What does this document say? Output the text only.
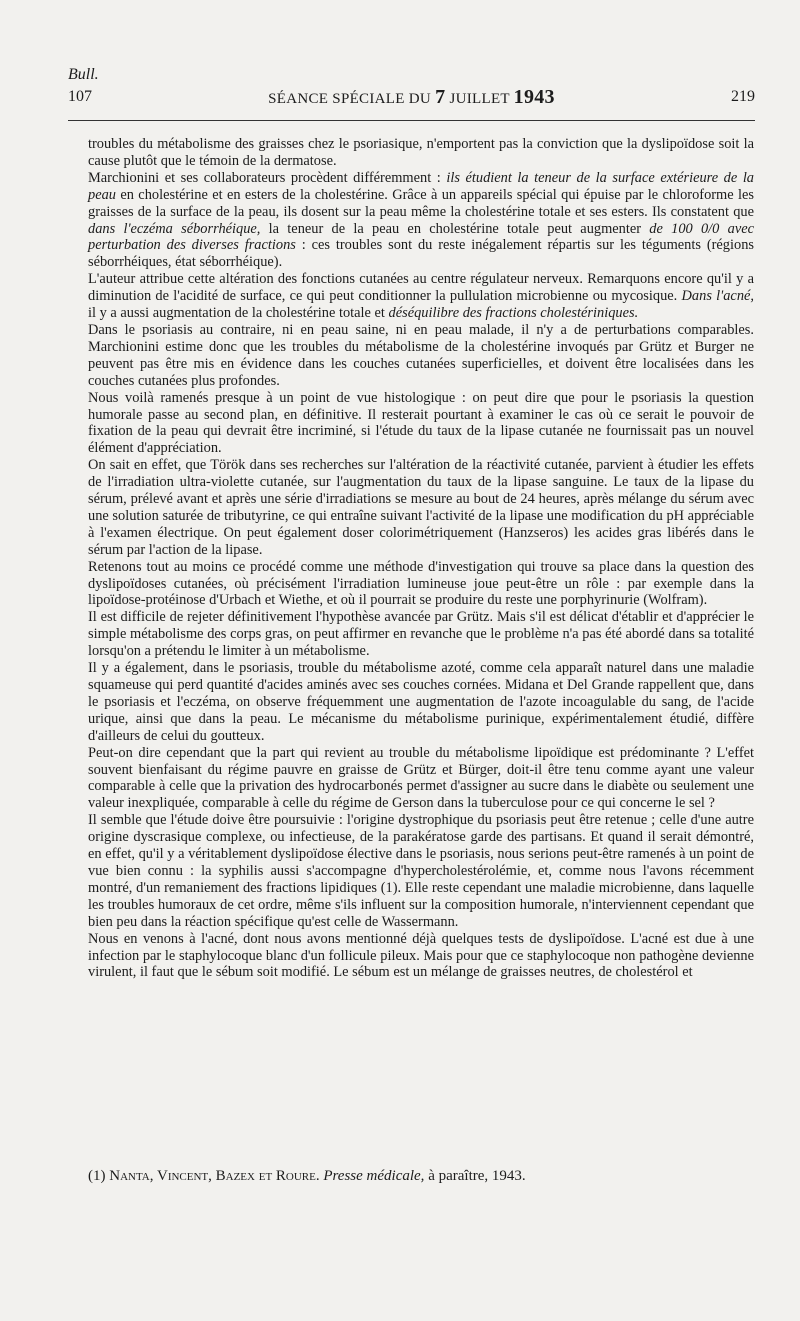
Bull.
107	SÉANCE SPÉCIALE DU 7 JUILLET 1943	219

troubles du métabolisme des graisses chez le psoriasique, n'emportent pas la conviction que la dyslipoïdose soit la cause plutôt que le témoin de la dermatose.

Marchionini et ses collaborateurs procèdent différemment : ils étudient la teneur de la surface extérieure de la peau en cholestérine et en esters de la cholestérine. Grâce à un appareils spécial qui épuise par le chloroforme les graisses de la surface de la peau, ils dosent sur la peau même la cholestérine totale et ses esters. Ils constatent que dans l'eczéma séborrhéique, la teneur de la peau en cholestérine totale peut augmenter de 100 0/0 avec perturbation des diverses fractions : ces troubles sont du reste inégalement répartis sur les téguments (régions séborrhéiques, état séborrhéique).

L'auteur attribue cette altération des fonctions cutanées au centre régulateur nerveux. Remarquons encore qu'il y a diminution de l'acidité de surface, ce qui peut conditionner la pullulation microbienne ou mycosique. Dans l'acné, il y a aussi augmentation de la cholestérine totale et déséquilibre des fractions cholestériniques.

Dans le psoriasis au contraire, ni en peau saine, ni en peau malade, il n'y a de perturbations comparables. Marchionini estime donc que les troubles du métabolisme de la cholestérine invoqués par Grütz et Burger ne peuvent pas être mis en évidence dans les couches cutanées superficielles, et doivent être localisées dans les couches cutanées plus profondes.

Nous voilà ramenés presque à un point de vue histologique : on peut dire que pour le psoriasis la question humorale passe au second plan, en définitive. Il resterait pourtant à examiner le cas où ce serait le pouvoir de fixation de la peau qui devrait être incriminé, si l'étude du taux de la lipase cutanée ne fournissait pas un nouvel élément d'appréciation.

On sait en effet, que Török dans ses recherches sur l'altération de la réactivité cutanée, parvient à étudier les effets de l'irradiation ultra-violette cutanée, sur l'augmentation du taux de la lipase sanguine. Le taux de la lipase du sérum, prélevé avant et après une série d'irradiations se mesure au bout de 24 heures, après mélange du sérum avec une solution saturée de tributyrine, ce qui entraîne suivant l'activité de la lipase une modification du pH appréciable à l'examen électrique. On peut également doser colorimétriquement (Hanzseros) les acides gras libérés dans le sérum par l'action de la lipase.

Retenons tout au moins ce procédé comme une méthode d'investigation qui trouve sa place dans la question des dyslipoïdoses cutanées, où précisément l'irradiation lumineuse joue peut-être un rôle : par exemple dans la lipoïdose-protéinose d'Urbach et Wiethe, et où il pourrait se produire du reste une porphyrinurie (Wolfram).

Il est difficile de rejeter définitivement l'hypothèse avancée par Grütz. Mais s'il est délicat d'établir et d'apprécier le simple métabolisme des corps gras, on peut affirmer en revanche que le problème n'a pas été abordé dans sa totalité lorsqu'on a prétendu le limiter à un métabolisme.

Il y a également, dans le psoriasis, trouble du métabolisme azoté, comme cela apparaît naturel dans une maladie squameuse qui perd quantité d'acides aminés avec ses couches cornées. Midana et Del Grande rappellent que, dans le psoriasis et l'eczéma, on observe fréquemment une augmentation de l'azote incoagulable du sang, de l'acide urique, ainsi que dans la peau. Le mécanisme du métabolisme purinique, expérimentalement étudié, diffère d'ailleurs de celui du goutteux.

Peut-on dire cependant que la part qui revient au trouble du métabolisme lipoïdique est prédominante ? L'effet souvent bienfaisant du régime pauvre en graisse de Grütz et Bürger, doit-il être tenu comme ayant une valeur comparable à celle que la privation des hydrocarbonés permet d'assigner au sucre dans le diabète ou seulement une valeur inexpliquée, comparable à celle du régime de Gerson dans la tuberculose pour ce qui concerne le sel ?

Il semble que l'étude doive être poursuivie : l'origine dystrophique du psoriasis peut être retenue ; celle d'une autre origine dyscrasique complexe, ou infectieuse, de la parakératose garde des partisans. Et quand il serait démontré, en effet, qu'il y a véritablement dyslipoïdose élective dans le psoriasis, nous serions peut-être ramenés à un point de vue bien connu : la syphilis aussi s'accompagne d'hypercholestérolémie, et, comme nous l'avons récemment montré, d'un remaniement des fractions lipidiques (1). Elle reste cependant une maladie microbienne, dans laquelle les troubles humoraux de cet ordre, même s'ils influent sur la composition humorale, n'interviennent cependant que bien peu dans la réaction spécifique qu'est celle de Wassermann.

Nous en venons à l'acné, dont nous avons mentionné déjà quelques tests de dyslipoïdose. L'acné est due à une infection par le staphylocoque blanc d'un follicule pileux. Mais pour que ce staphylocoque non pathogène devienne virulent, il faut que le sébum soit modifié. Le sébum est un mélange de graisses neutres, de cholestérol et

(1) Nanta, Vincent, Bazex et Roure. Presse médicale, à paraître, 1943.
